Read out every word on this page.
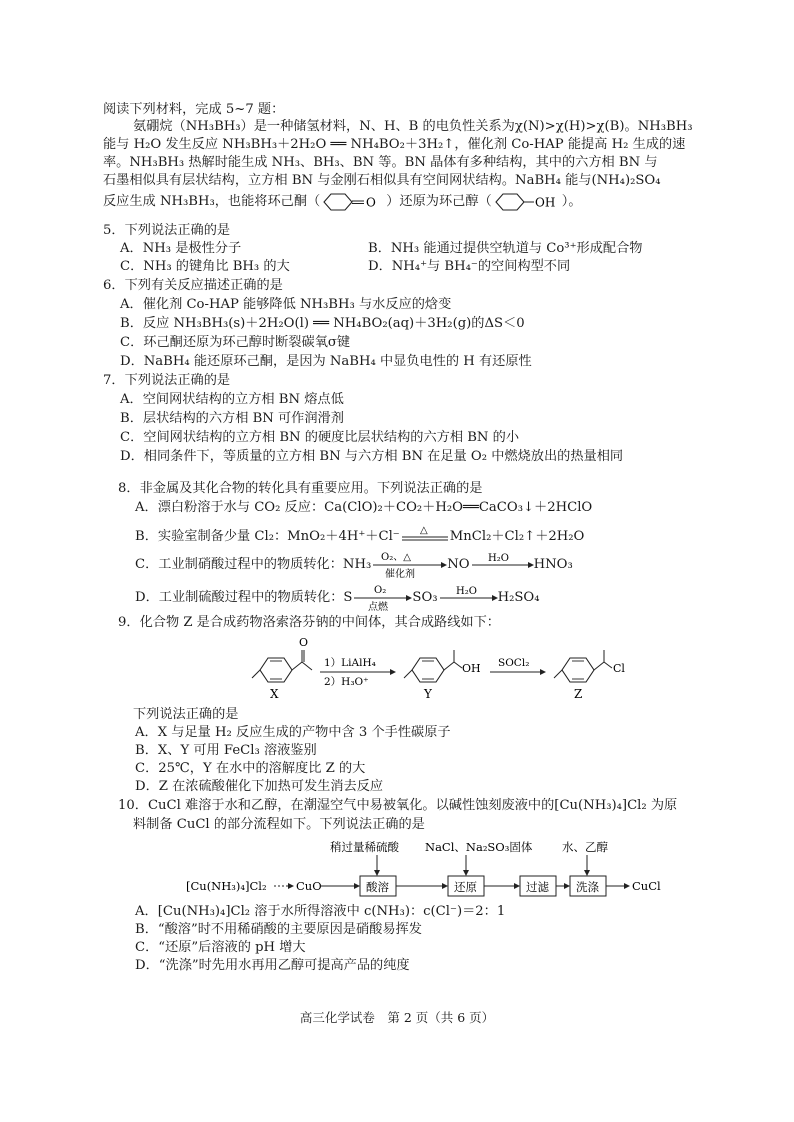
阅读下列材料，完成 5~7 题：
氨硼烷（NH₃BH₃）是一种储氢材料，N、H、B 的电负性关系为χ(N)>χ(H)>χ(B)。NH₃BH₃
能与 H₂O 发生反应 NH₃BH₃＋2H₂O ══ NH₄BO₂＋3H₂↑，催化剂 Co-HAP 能提高 H₂ 生成的速
率。NH₃BH₃ 热解时能生成 NH₃、BH₃、BN 等。BN 晶体有多种结构，其中的六方相 BN 与
石墨相似具有层状结构，立方相 BN 与金刚石相似具有空间网状结构。NaBH₄ 能与(NH₄)₂SO₄
反应生成 NH₃BH₃，也能将环己酮（	O ）还原为环己醇（	OH ）。
5．下列说法正确的是
A．NH₃ 是极性分子	B．NH₃ 能通过提供空轨道与 Co³⁺形成配合物
C．NH₃ 的键角比 BH₃ 的大	D．NH₄⁺与 BH₄⁻的空间构型不同
6．下列有关反应描述正确的是
A．催化剂 Co-HAP 能够降低 NH₃BH₃ 与水反应的焓变
B．反应 NH₃BH₃(s)＋2H₂O(l) ══ NH₄BO₂(aq)＋3H₂(g)的ΔS＜0
C．环己酮还原为环己醇时断裂碳氧σ键
D．NaBH₄ 能还原环己酮，是因为 NaBH₄ 中显负电性的 H 有还原性
7．下列说法正确的是
A．空间网状结构的立方相 BN 熔点低
B．层状结构的六方相 BN 可作润滑剂
C．空间网状结构的立方相 BN 的硬度比层状结构的六方相 BN 的小
D．相同条件下，等质量的立方相 BN 与六方相 BN 在足量 O₂ 中燃烧放出的热量相同
8．非金属及其化合物的转化具有重要应用。下列说法正确的是
A．漂白粉溶于水与 CO₂ 反应：Ca(ClO)₂＋CO₂＋H₂O══CaCO₃↓＋2HClO
B．实验室制备少量 Cl₂：MnO₂＋4H⁺＋Cl⁻ △ MnCl₂＋Cl₂↑＋2H₂O
C．工业制硝酸过程中的物质转化：NH₃ O₂、△
催化剂
NO H₂O HNO₃
D．工业制硫酸过程中的物质转化：S O₂
点燃
SO₃ H₂O H₂SO₄
9．化合物 Z 是合成药物洛索洛芬钠的中间体，其合成路线如下：
O
X
1）LiAlH₄
2）H₃O⁺
OH
Y
SOCl₂	Cl
Z
下列说法正确的是
A．X 与足量 H₂ 反应生成的产物中含 3 个手性碳原子
B．X、Y 可用 FeCl₃ 溶液鉴别
C．25℃，Y 在水中的溶解度比 Z 的大
D．Z 在浓硫酸催化下加热可发生消去反应
10．CuCl 难溶于水和乙醇，在潮湿空气中易被氧化。以碱性蚀刻废液中的[Cu(NH₃)₄]Cl₂ 为原
料制备 CuCl 的部分流程如下。下列说法正确的是
稍过量稀硫酸 NaCl、Na₂SO₃固体	水、乙醇
[Cu(NH₃)₄]Cl₂	CuO	酸溶	还原	过滤 洗涤	CuCl
A．[Cu(NH₃)₄]Cl₂ 溶于水所得溶液中 c(NH₃)：c(Cl⁻)＝2：1
B．“酸溶”时不用稀硝酸的主要原因是硝酸易挥发
C．“还原”后溶液的 pH 增大
D．“洗涤”时先用水再用乙醇可提高产品的纯度
高三化学试卷　第 2 页（共 6 页）
